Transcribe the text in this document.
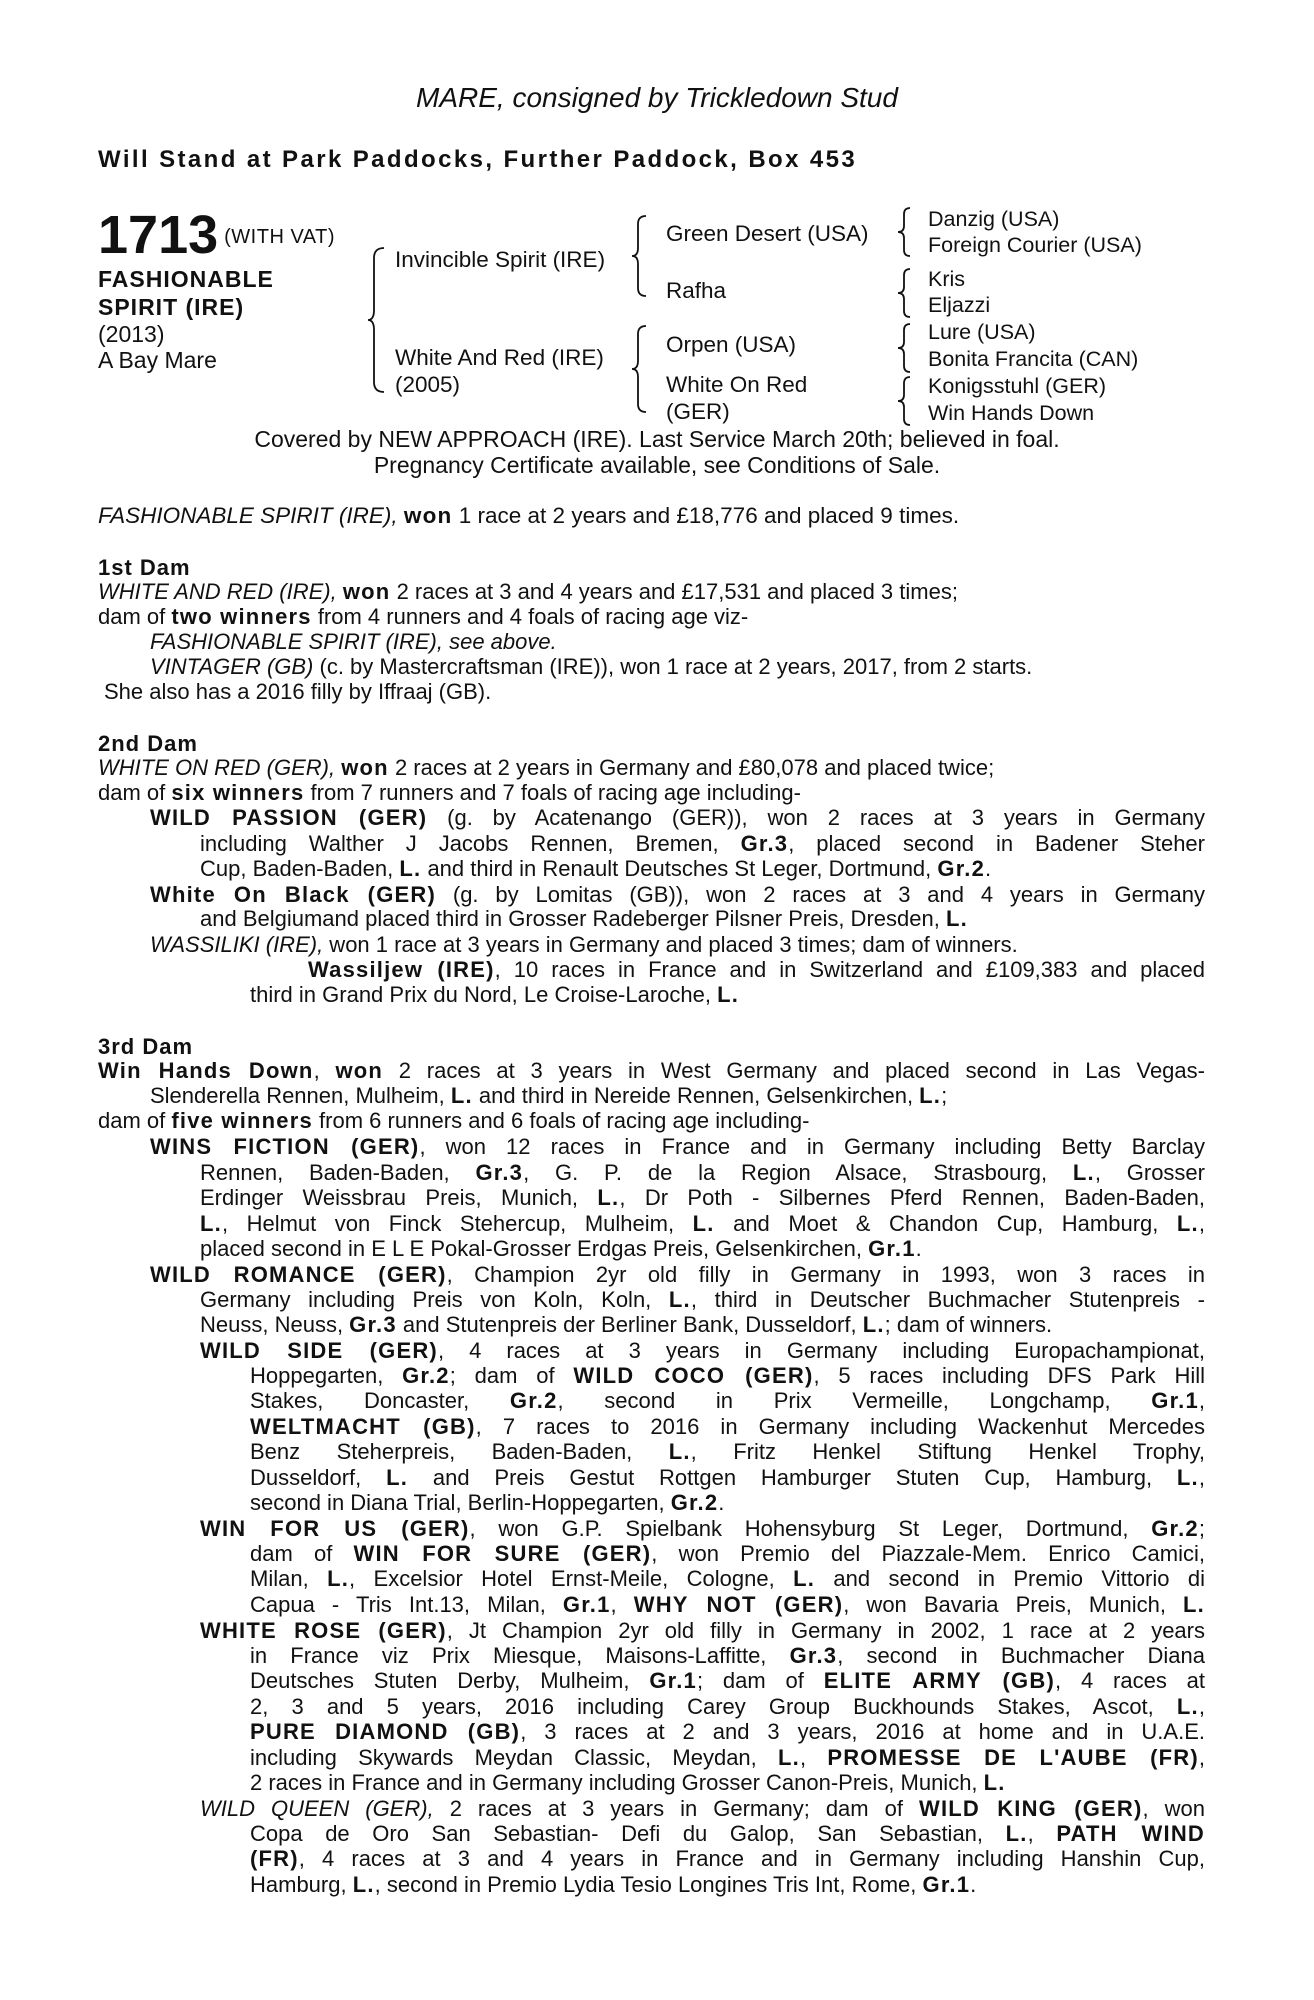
MARE, consigned by Trickledown Stud
Will Stand at Park Paddocks, Further Paddock, Box 453
1713 (WITH VAT)
FASHIONABLE
SPIRIT (IRE)
(2013)
A Bay Mare
Invincible Spirit (IRE)
White And Red (IRE)
(2005)
Green Desert (USA)
Rafha
Orpen (USA)
White On Red
(GER)
Danzig (USA)
Foreign Courier (USA)
Kris
Eljazzi
Lure (USA)
Bonita Francita (CAN)
Konigsstuhl (GER)
Win Hands Down
Covered by NEW APPROACH (IRE). Last Service March 20th; believed in foal.
Pregnancy Certificate available, see Conditions of Sale.
FASHIONABLE SPIRIT (IRE), won 1 race at 2 years and £18,776 and placed 9 times.
1st Dam
WHITE AND RED (IRE), won 2 races at 3 and 4 years and £17,531 and placed 3 times;
dam of two winners from 4 runners and 4 foals of racing age viz-
FASHIONABLE SPIRIT (IRE), see above.
VINTAGER (GB) (c. by Mastercraftsman (IRE)), won 1 race at 2 years, 2017, from 2 starts.
She also has a 2016 filly by Iffraaj (GB).
2nd Dam
WHITE ON RED (GER), won 2 races at 2 years in Germany and £80,078 and placed twice;
dam of six winners from 7 runners and 7 foals of racing age including-
WILD PASSION (GER) (g. by Acatenango (GER)), won 2 races at 3 years in Germany
including Walther J Jacobs Rennen, Bremen, Gr.3, placed second in Badener Steher
Cup, Baden-Baden, L. and third in Renault Deutsches St Leger, Dortmund, Gr.2.
White On Black (GER) (g. by Lomitas (GB)), won 2 races at 3 and 4 years in Germany
and Belgiumand placed third in Grosser Radeberger Pilsner Preis, Dresden, L.
WASSILIKI (IRE), won 1 race at 3 years in Germany and placed 3 times; dam of winners.
Wassiljew (IRE), 10 races in France and in Switzerland and £109,383 and placed
third in Grand Prix du Nord, Le Croise-Laroche, L.
3rd Dam
Win Hands Down, won 2 races at 3 years in West Germany and placed second in Las Vegas-
Slenderella Rennen, Mulheim, L. and third in Nereide Rennen, Gelsenkirchen, L.;
dam of five winners from 6 runners and 6 foals of racing age including-
WINS FICTION (GER), won 12 races in France and in Germany including Betty Barclay
Rennen, Baden-Baden, Gr.3, G. P. de la Region Alsace, Strasbourg, L., Grosser
Erdinger Weissbrau Preis, Munich, L., Dr Poth - Silbernes Pferd Rennen, Baden-Baden,
L., Helmut von Finck Stehercup, Mulheim, L. and Moet & Chandon Cup, Hamburg, L.,
placed second in E L E Pokal-Grosser Erdgas Preis, Gelsenkirchen, Gr.1.
WILD ROMANCE (GER), Champion 2yr old filly in Germany in 1993, won 3 races in
Germany including Preis von Koln, Koln, L., third in Deutscher Buchmacher Stutenpreis -
Neuss, Neuss, Gr.3 and Stutenpreis der Berliner Bank, Dusseldorf, L.; dam of winners.
WILD SIDE (GER), 4 races at 3 years in Germany including Europachampionat,
Hoppegarten, Gr.2; dam of WILD COCO (GER), 5 races including DFS Park Hill
Stakes, Doncaster, Gr.2, second in Prix Vermeille, Longchamp, Gr.1,
WELTMACHT (GB), 7 races to 2016 in Germany including Wackenhut Mercedes
Benz Steherpreis, Baden-Baden, L., Fritz Henkel Stiftung Henkel Trophy,
Dusseldorf, L. and Preis Gestut Rottgen Hamburger Stuten Cup, Hamburg, L.,
second in Diana Trial, Berlin-Hoppegarten, Gr.2.
WIN FOR US (GER), won G.P. Spielbank Hohensyburg St Leger, Dortmund, Gr.2;
dam of WIN FOR SURE (GER), won Premio del Piazzale-Mem. Enrico Camici,
Milan, L., Excelsior Hotel Ernst-Meile, Cologne, L. and second in Premio Vittorio di
Capua - Tris Int.13, Milan, Gr.1, WHY NOT (GER), won Bavaria Preis, Munich, L.
WHITE ROSE (GER), Jt Champion 2yr old filly in Germany in 2002, 1 race at 2 years
in France viz Prix Miesque, Maisons-Laffitte, Gr.3, second in Buchmacher Diana
Deutsches Stuten Derby, Mulheim, Gr.1; dam of ELITE ARMY (GB), 4 races at
2, 3 and 5 years, 2016 including Carey Group Buckhounds Stakes, Ascot, L.,
PURE DIAMOND (GB), 3 races at 2 and 3 years, 2016 at home and in U.A.E.
including Skywards Meydan Classic, Meydan, L., PROMESSE DE L'AUBE (FR),
2 races in France and in Germany including Grosser Canon-Preis, Munich, L.
WILD QUEEN (GER), 2 races at 3 years in Germany; dam of WILD KING (GER), won
Copa de Oro San Sebastian- Defi du Galop, San Sebastian, L., PATH WIND
(FR), 4 races at 3 and 4 years in France and in Germany including Hanshin Cup,
Hamburg, L., second in Premio Lydia Tesio Longines Tris Int, Rome, Gr.1.
